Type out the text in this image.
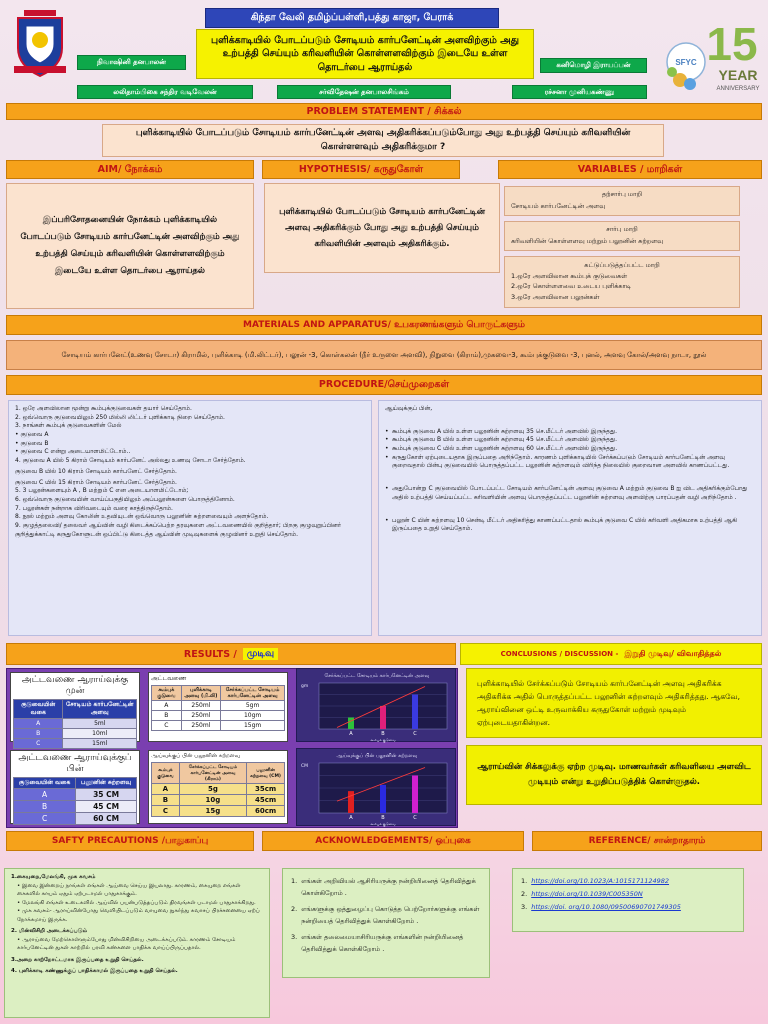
கிந்தா வேலி தமிழ்ப்பள்ளி,பத்து காஜா, பேராக்
புளிக்காடியில் போடப்படும் சோடியம் கார்பனேட்டின் அளவிற்கும் அது உற்பத்தி செய்யும் கரிவளியின் கொள்ளளவிற்கும் இடையே உள்ள தொடர்பை ஆராய்தல்
நிவாஷினி தனபாலன்	கனிமொழி இராயப்பன்
லலிதாம்பிகை சந்திர வடிவேலன்	சர்விதேஷன் தனபாலசிங்கம்	ரச்சனா முனியகண்ணு
SFYC 15
YEAR
ANNIVERSARY
PROBLEM STATEMENT / சிக்கல்
புளிக்காடியில் போடப்படும் சோடியம் கார்பனேட்டின் அளவு அதிகரிக்கப்படும்போது அது உற்பத்தி செய்யும் கரிவளியின் கொள்ளளவும் அதிகரிக்குமா ?
AIM/ நோக்கம்	HYPOTHESIS/ கருதுகோள்	VARIABLES / மாறிகள்
இப்பரிசோதனையின் நோக்கம் புளிக்காடியில் போடப்படும் சோடியம் கார்பனேட்டின் அளவிற்கும் அது உற்பத்தி செய்யும் கரிவளியின் கொள்ளளவிற்கும் இடையே உள்ள தொடர்பை ஆராய்தல்
புளிக்காடியில் போடப்படும் சோடியம் கார்பனேட்டின் அளவு அதிகரிக்கும் போது அது உற்பத்தி செய்யும் கரிவளியின் அளவும் அதிகரிக்கும்.
தற்சார்பு மாறி
சோடியம் கார்பனேட்டின் அளவு
சார்பு மாறி
கரிவளியின் கொள்ளளவு மற்றும் பலூனின் சுற்றளவு
கட்டுப்படுத்தப்பட்ட மாறி
1.ஒரே அளவிலான கூம்புக் குடுவைகள்
2.ஒரே கொள்ளளவை உடைய புளிக்காடி
3.ஒரே அளவிலான பலூன்கள்
MATERIALS AND APPARATUS/ உபகரணங்களும் பொருட்களும்
சோடியம் கார்பனேட்(உணவு சோடா) கிராமில், புளிக்காடி (மி.லிட்டர்), பலூன் -3, கொள்கலன் (நீர் உருளை அளவி), நிறுவை (கிராம்),முகவை-3, கூம்புக்குடுவை -3, புனல், அளவு கோல்/அளவு நாடா, நூல்
PROCEDURE/செய்முறைகள்
1. ஒரே அளவிலான மூன்று கூம்புக்குடுவைகள் தயார் செய்தோம்.
2. ஒவ்வொரு குடுவையிலும் 250 மில்லி லிட்டர் புளிக்காடி நிறை செய்தோம்.
3. நாங்கள் கூம்புக் குடுவைகளின் மேல்
• குடுவை A
• குடுவை B
• குடுவை C என்று அடையாளமிட்டோம்..
4. குடுவை A யில் 5 கிராம் சோடியம் கார்பனேட் அல்லது உணவு சோடா சேர்த்தோம்.
குடுவை B யில் 10 கிராம் சோடியம் கார்பனேட் சேர்த்தோம்.
குடுவை C யில் 15 கிராம் சோடியம் கார்பனேட் சேர்த்தோம்.
5. 3 பலூன்களையும் A , B மற்றும் C என அடையாளமிட்டோம்;
6. ஒவ்வொரு குடுவையின் வாய்ப்பகுதியிலும் அப்பலூன்களை பொருத்தினோம்.
7. பலூன்கள் நன்றாக விரிவடையும் வரை காத்திருந்தோம்.
8. நூல் மற்றும் அளவு கோலின் உதவியுடன் ஒவ்வொரு பலூனின் சுற்றளவையும் அளந்தோம்.
9. குழுத்தலைவி/ தலைவர் ஆய்வின் வழி கிடைக்கப்பெற்ற தரவுகளை அட்டவணையில் குறித்தார்; பிறகு குழுவுறுப்பினர் குறித்துக்காட்டி கருதுகோளுடன் ஒப்பிட்டு கிடைத்த ஆய்வின் முடிவுகளைக் குழுவினர் உறுதி செய்தோம்.
ஆய்வுக்குப் பின்,
• கூம்புக் குடுவை A யில் உள்ள பலூனின் சுற்றளவு 35 செ.மீட்டர் அளவில் இருந்தது.
• கூம்புக் குடுவை B யில் உள்ள பலூனின் சுற்றளவு 45 செ.மீட்டர் அளவில் இருந்தது.
• கூம்புக் குடுவை C யில் உள்ள பலூனின் சுற்றளவு 60 செ.மீட்டர் அளவில் இருந்தது.
• கருதுகோள் ஏற்புடையதாக இருப்பதை அறிந்தோம். காரணம் புளிக்காடியில் சேர்க்கப்படும் சோடியம் கார்பனேட்டின் அளவு குறைவதால் பின்பு குடுவையில் பொருத்தப்பட்ட பலூனின் சுற்றளவும் விரிந்த நிலையில் குறைவான அளவில் காணப்பட்டது.
• அதுபோன்று C குடுவையில் போடப்பட்ட சோடியம் கார்பனேட்டின் அளவு குடுவை A மற்றும் குடுவை B ஐ விட அதிகரிக்கும்போது அதில் உற்பத்தி செய்யப்பட்ட கரிவளியின் அளவு பொருத்தப்பட்ட பலூனின் சுற்றளவு அளவிற்கு பாரப்பதன் வழி அறிந்தோம் .
• பலூன் C யின் சுற்றளவு 10 சென்டி மீட்டர் அதிகரித்து காணப்பட்டதால் கூம்புக் குடுவை C யில் கரிவளி அதிகமாக உற்பத்தி ஆகி இருப்பதை உறுதி செய்தோம்.
RESULTS /	முடிவு
அட்டவணை ஆராய்வுக்கு முன்
குடுவையின் வகை	சோடியம் கார்பனேட்டின் அளவு
A	5ml
B	10ml
C	15ml
அட்டவணை
கூம்புக் குடுவை	புளிக்காடி அளவு (மி.லி)	சேர்க்கப்பட்ட சோடியம் கார்பனேட்டின் அளவு
A	250ml	5gm
B	250ml	10gm
C	250ml	15gm
சேர்க்கப்பட்ட சோடியம் கார்பனேட்டின் அளவு
gm
கூம்புக் குடுவை
A	B	C
அட்டவணை ஆராய்வுக்குப் பின்
குடுவையின் வகை	பலூனின் சுற்றளவு
A	35 CM
B	45 CM
C	60 CM
ஆய்வுக்குப் பின் பலூனின் சுற்றளவு
கூம்புக் குடுவை	சேர்க்கப்பட்ட சோடியம் கார்பனேட்டின் அளவு (கிராம்)	பலூனின் சுற்றளவு (CM)
A	5g	35cm
B	10g	45cm
C	15g	60cm
ஆய்வுக்குப் பின் பலூனின் சுற்றளவு
CM
கூம்புக் குடுவை
A	B	C
CONCLUSIONS / DISCUSSION - இறுதி முடிவு/ விவாதித்தல்
புளிக்காடியில் சேர்க்கப்படும் சோடியம் கார்பனேட்டின் அளவு அதிகரிக்க அதிகரிக்க அதில் பொருத்தப்பட்ட பலூனின் சுற்றளவும் அதிகரித்தது. ஆகவே, ஆராய்வினை ஒட்டி உருவாக்கிய கருதுகோள் மற்றும் முடிவும் ஏற்புடையதாகின்றன.
ஆராய்வின் சிக்கலுக்கு ஏற்ற முடிவு. மாணவர்கள் கரிவளியை அளவிட முடியும் என்று உறுதிப்படுத்திக் கொள்ளுதல்.
SAFTY PRECAUTIONS /பாதுகாப்பு	ACKNOWLEDGEMENTS/ ஒப்புகை	REFERENCE/ சான்றாதாரம்
1.கையுறை,மேலங்கி, முக கவசம்
• இவை இன்றைய் நாங்கள் எங்கள் ஆய்வை செய்ய இயலாது. காரணம், கையுறை எங்கள் கைகளில் காயம் ஏதும் ஏற்படாமல் பாதுகாக்கும்.
• மேலங்கி எங்கள் உடைகளில் ஆய்வில் பயன்படுத்தப்படும் திரவங்கள் படாமல் பாதுகாக்கிறது.
• முக கவசம்- ஆராய்வின்போது வெளியிடப்படும் வாயுவை நுகர்ந்து சுவாசப் பிரச்சனையை ஏற்ப் நோக்கமாய் இருக்க.
2. மின்விசிறி அடைக்கப்படும்
• ஆராய்வை மேற்கொள்ளும்போது மின்விசிறியை அடைக்கப்படும். காரணம் சோடியம் கார்பனேட்டின் துகள் காற்றில் பரவி கண்களை பாதிக்க வாய்ப்பிருப்பதால்.
3.அறை காற்றோட்டமாக இருப்பதை உறுதி செய்தல்.
4. புளிக்காடி கண்ணுக்குப் பாதிக்காமல் இருப்பதை உறுதி செய்தல்.
1. எங்கள் அறிவியல் ஆசிரியருக்கு நன்றியினைத் தெரிவித்துக் கொள்கிறோம் .
2. எங்களுக்கு ஒத்துழைப்பு கொடுத்த பெற்றோர்களுக்கு எங்கள் நன்றியைத் தெரிவித்துக் கொள்கிறோம் .
3. எங்கள் தலைமையாசிரியருக்கு எங்களின் நன்றியினைத் தெரிவித்துக் கொள்கிறோம் .
1. https://doi.org/10.1023/A:1015171124982
2. https://doi.org/10.1039/C005350N
3. https://doi. org/10.1080/09500690701749305
